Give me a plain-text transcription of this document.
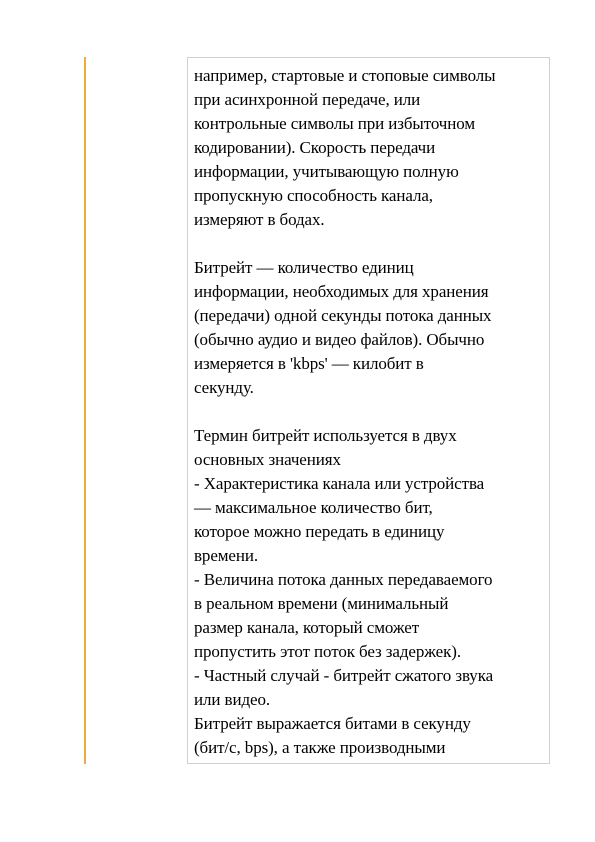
например, стартовые и стоповые символы
при асинхронной передаче, или
контрольные символы при избыточном
кодировании). Скорость передачи
информации, учитывающую полную
пропускную способность канала,
измеряют в бодах.

Битрейт — количество единиц
информации, необходимых для хранения
(передачи) одной секунды потока данных
(обычно аудио и видео файлов). Обычно
измеряется в 'kbps' — килобит в
секунду.

Термин битрейт используется в двух
основных значениях
- Характеристика канала или устройства
— максимальное количество бит,
которое можно передать в единицу
времени.
- Величина потока данных передаваемого
в реальном времени (минимальный
размер канала, который сможет
пропустить этот поток без задержек).
- Частный случай - битрейт сжатого звука
или видео.
Битрейт выражается битами в секунду
(бит/с, bps), а также производными
